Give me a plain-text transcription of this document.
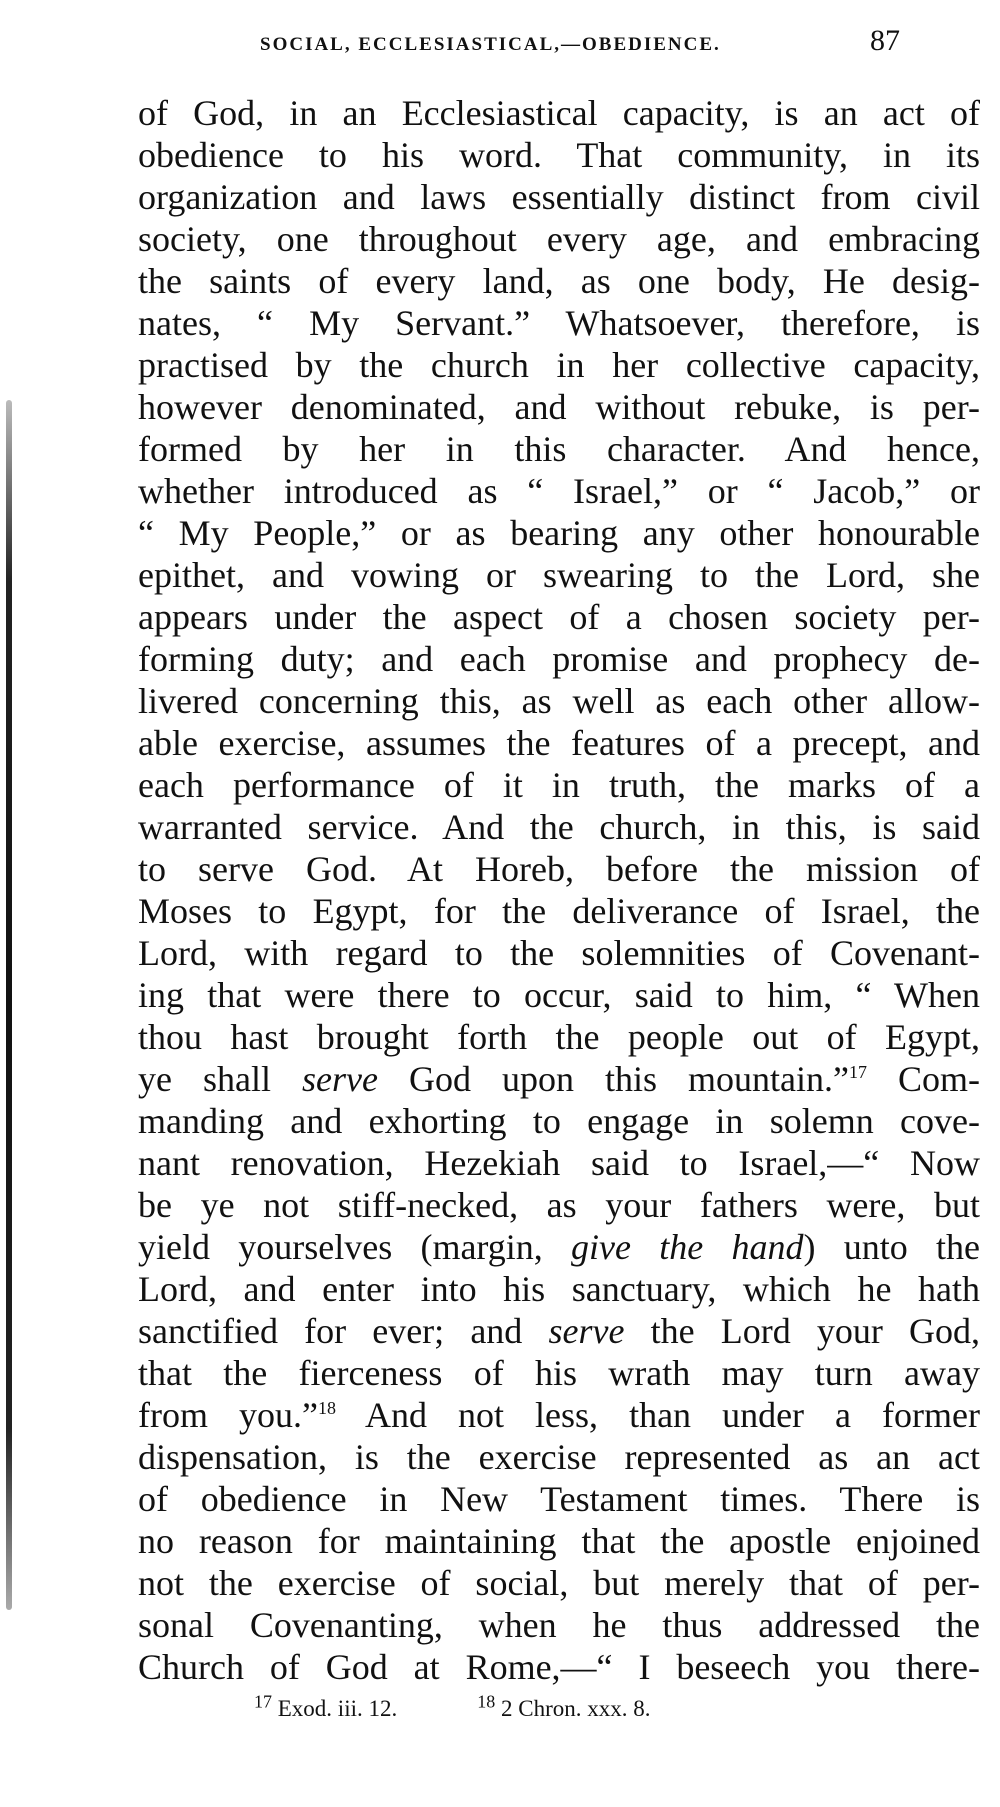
SOCIAL, ECCLESIASTICAL,—OBEDIENCE.	87
of God, in an Ecclesiastical capacity, is an act of
obedience to his word. That community, in its
organization and laws essentially distinct from civil
society, one throughout every age, and embracing
the saints of every land, as one body, He desig-
nates, “ My Servant.” Whatsoever, therefore, is
practised by the church in her collective capacity,
however denominated, and without rebuke, is per-
formed by her in this character. And hence,
whether introduced as “ Israel,” or “ Jacob,” or
“ My People,” or as bearing any other honourable
epithet, and vowing or swearing to the Lord, she
appears under the aspect of a chosen society per-
forming duty; and each promise and prophecy de-
livered concerning this, as well as each other allow-
able exercise, assumes the features of a precept, and
each performance of it in truth, the marks of a
warranted service. And the church, in this, is said
to serve God. At Horeb, before the mission of
Moses to Egypt, for the deliverance of Israel, the
Lord, with regard to the solemnities of Covenant-
ing that were there to occur, said to him, “ When
thou hast brought forth the people out of Egypt,
ye shall serve God upon this mountain.”$^{17}$ Com-
manding and exhorting to engage in solemn cove-
nant renovation, Hezekiah said to Israel,—“ Now
be ye not stiff-necked, as your fathers were, but
yield yourselves (margin, give the hand) unto the
Lord, and enter into his sanctuary, which he hath
sanctified for ever; and serve the Lord your God,
that the fierceness of his wrath may turn away
from you.”$^{18}$ And not less, than under a former
dispensation, is the exercise represented as an act
of obedience in New Testament times. There is
no reason for maintaining that the apostle enjoined
not the exercise of social, but merely that of per-
sonal Covenanting, when he thus addressed the
Church of God at Rome,—“ I beseech you there-
$^{17}$ Exod. iii. 12.	$^{18}$ 2 Chron. xxx. 8.
